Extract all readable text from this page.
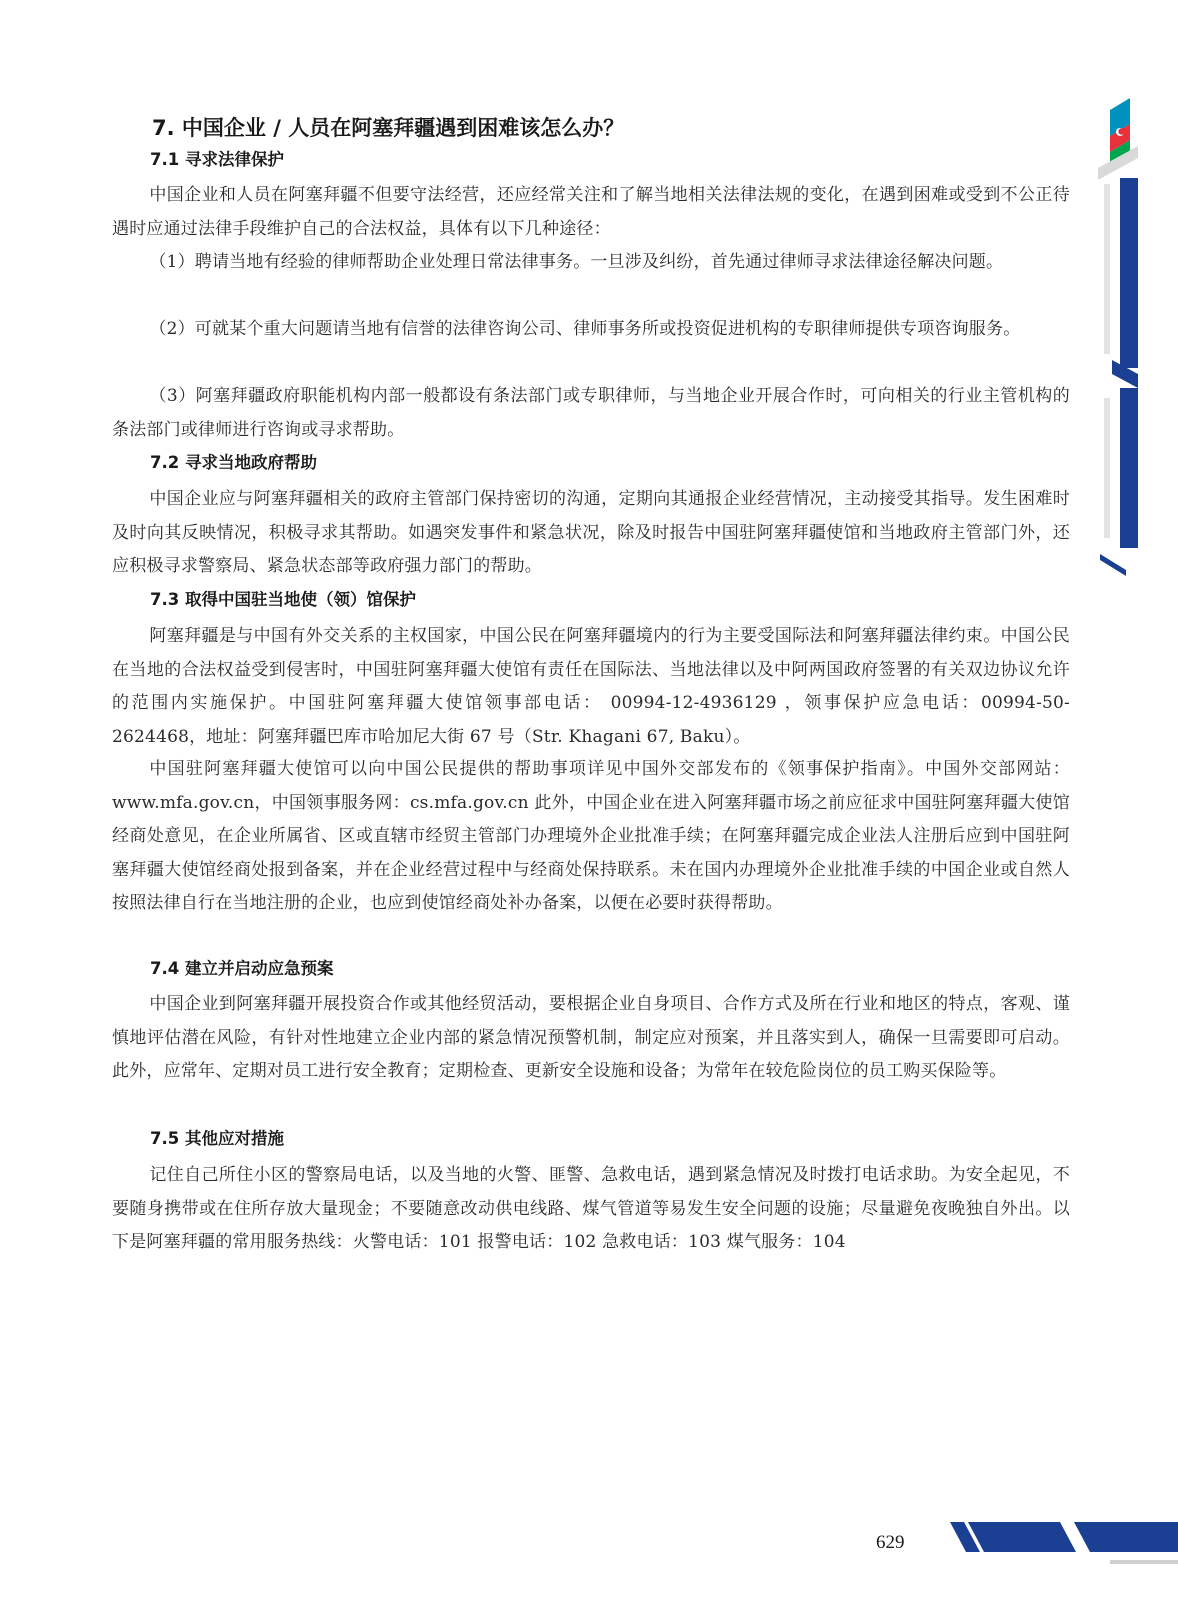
7. 中国企业 / 人员在阿塞拜疆遇到困难该怎么办？
7.1 寻求法律保护

中国企业和人员在阿塞拜疆不但要守法经营，还应经常关注和了解当地相关法律法规的变化，在遇到困难或受到不公正待遇时应通过法律手段维护自己的合法权益，具体有以下几种途径：

（1）聘请当地有经验的律师帮助企业处理日常法律事务。一旦涉及纠纷，首先通过律师寻求法律途径解决问题。

（2）可就某个重大问题请当地有信誉的法律咨询公司、律师事务所或投资促进机构的专职律师提供专项咨询服务。

（3）阿塞拜疆政府职能机构内部一般都设有条法部门或专职律师，与当地企业开展合作时，可向相关的行业主管机构的条法部门或律师进行咨询或寻求帮助。

7.2 寻求当地政府帮助

中国企业应与阿塞拜疆相关的政府主管部门保持密切的沟通，定期向其通报企业经营情况，主动接受其指导。发生困难时及时向其反映情况，积极寻求其帮助。如遇突发事件和紧急状况，除及时报告中国驻阿塞拜疆使馆和当地政府主管部门外，还应积极寻求警察局、紧急状态部等政府强力部门的帮助。

7.3 取得中国驻当地使（领）馆保护

阿塞拜疆是与中国有外交关系的主权国家，中国公民在阿塞拜疆境内的行为主要受国际法和阿塞拜疆法律约束。中国公民在当地的合法权益受到侵害时，中国驻阿塞拜疆大使馆有责任在国际法、当地法律以及中阿两国政府签署的有关双边协议允许的范围内实施保护。中国驻阿塞拜疆大使馆领事部电话： 00994-12-4936129 ，领事保护应急电话：00994-50-2624468，地址：阿塞拜疆巴库市哈加尼大街 67 号（Str. Khagani 67, Baku）。

中国驻阿塞拜疆大使馆可以向中国公民提供的帮助事项详见中国外交部发布的《领事保护指南》。中国外交部网站：www.mfa.gov.cn，中国领事服务网：cs.mfa.gov.cn 此外，中国企业在进入阿塞拜疆市场之前应征求中国驻阿塞拜疆大使馆经商处意见，在企业所属省、区或直辖市经贸主管部门办理境外企业批准手续；在阿塞拜疆完成企业法人注册后应到中国驻阿塞拜疆大使馆经商处报到备案，并在企业经营过程中与经商处保持联系。未在国内办理境外企业批准手续的中国企业或自然人按照法律自行在当地注册的企业，也应到使馆经商处补办备案，以便在必要时获得帮助。

7.4 建立并启动应急预案

中国企业到阿塞拜疆开展投资合作或其他经贸活动，要根据企业自身项目、合作方式及所在行业和地区的特点，客观、谨慎地评估潜在风险，有针对性地建立企业内部的紧急情况预警机制，制定应对预案，并且落实到人，确保一旦需要即可启动。此外，应常年、定期对员工进行安全教育；定期检查、更新安全设施和设备；为常年在较危险岗位的员工购买保险等。

7.5 其他应对措施

记住自己所住小区的警察局电话，以及当地的火警、匪警、急救电话，遇到紧急情况及时拨打电话求助。为安全起见，不要随身携带或在住所存放大量现金；不要随意改动供电线路、煤气管道等易发生安全问题的设施；尽量避免夜晚独自外出。以下是阿塞拜疆的常用服务热线：火警电话：101 报警电话：102 急救电话：103 煤气服务：104

629
